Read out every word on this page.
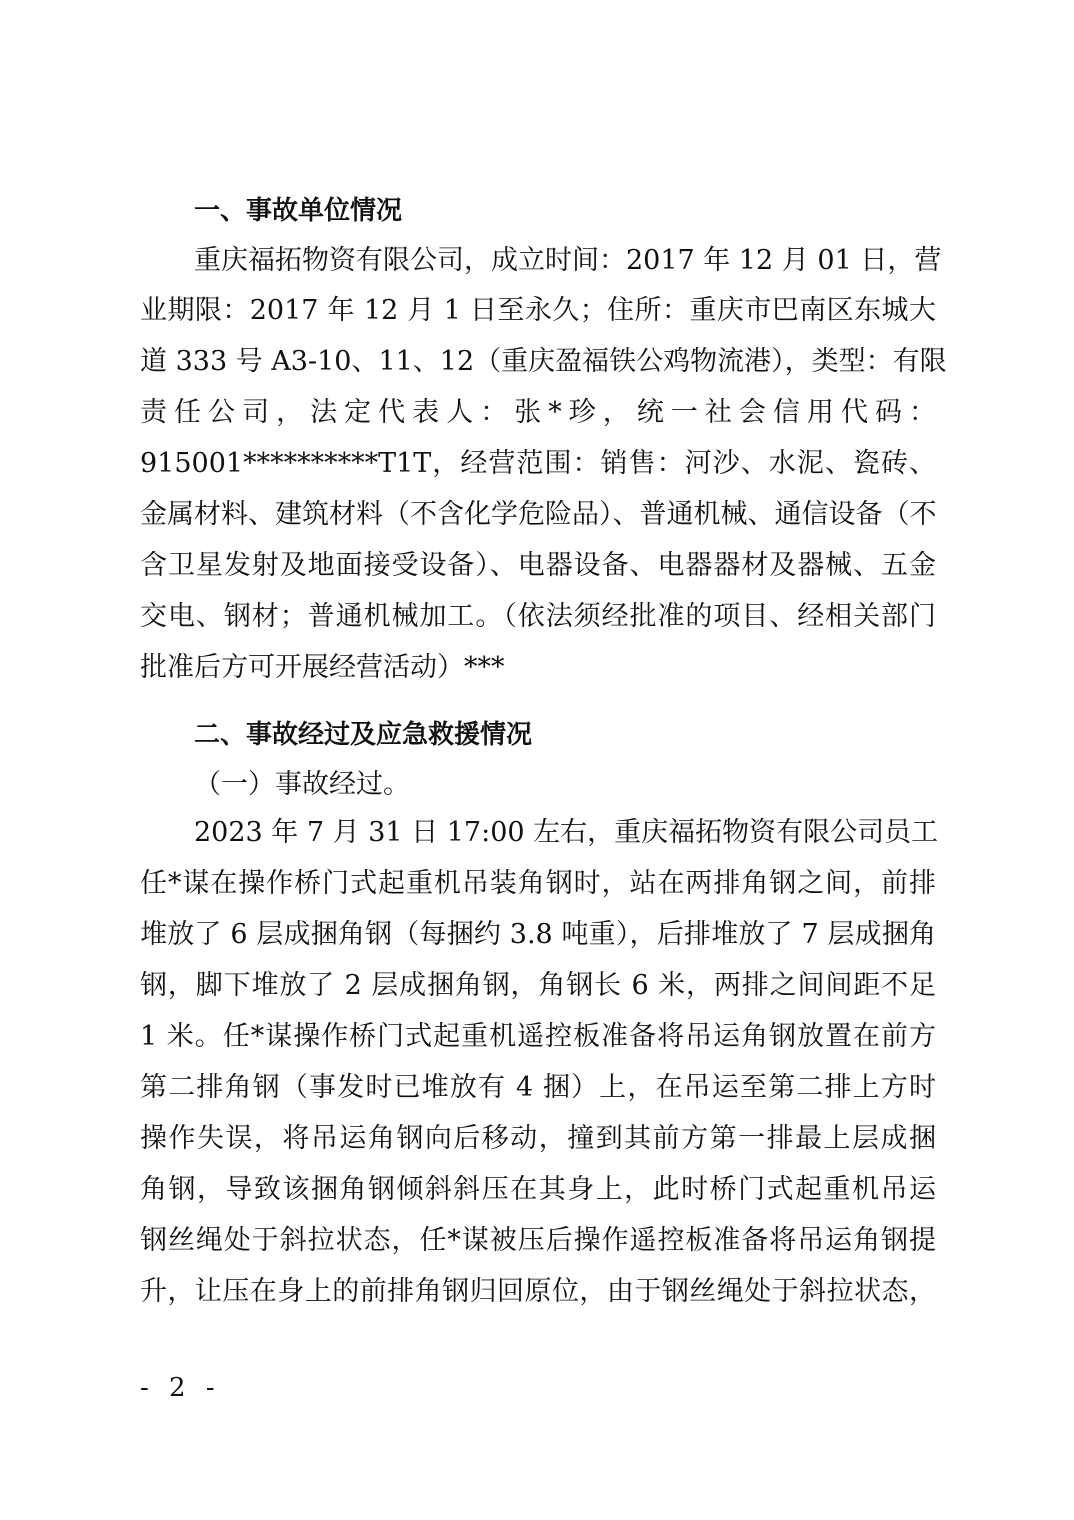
一、事故单位情况
重庆福拓物资有限公司，成立时间：2017 年 12 月 01 日，营
业期限：2017 年 12 月 1 日至永久；住所：重庆市巴南区东城大
道 333 号 A3-10、11、12（重庆盈福铁公鸡物流港），类型：有限
责任公司，法定代表人：张*珍，统一社会信用代码：
915001**********T1T，经营范围：销售：河沙、水泥、瓷砖、
金属材料、建筑材料（不含化学危险品）、普通机械、通信设备（不
含卫星发射及地面接受设备）、电器设备、电器器材及器械、五金
交电、钢材；普通机械加工。（依法须经批准的项目、经相关部门
批准后方可开展经营活动）***
二、事故经过及应急救援情况
（一）事故经过。
2023 年 7 月 31 日 17:00 左右，重庆福拓物资有限公司员工
任*谋在操作桥门式起重机吊装角钢时，站在两排角钢之间，前排
堆放了 6 层成捆角钢（每捆约 3.8 吨重），后排堆放了 7 层成捆角
钢，脚下堆放了 2 层成捆角钢，角钢长 6 米，两排之间间距不足
1 米。任*谋操作桥门式起重机遥控板准备将吊运角钢放置在前方
第二排角钢（事发时已堆放有 4 捆）上，在吊运至第二排上方时
操作失误，将吊运角钢向后移动，撞到其前方第一排最上层成捆
角钢，导致该捆角钢倾斜斜压在其身上，此时桥门式起重机吊运
钢丝绳处于斜拉状态，任*谋被压后操作遥控板准备将吊运角钢提
升，让压在身上的前排角钢归回原位，由于钢丝绳处于斜拉状态，
- 2 -
